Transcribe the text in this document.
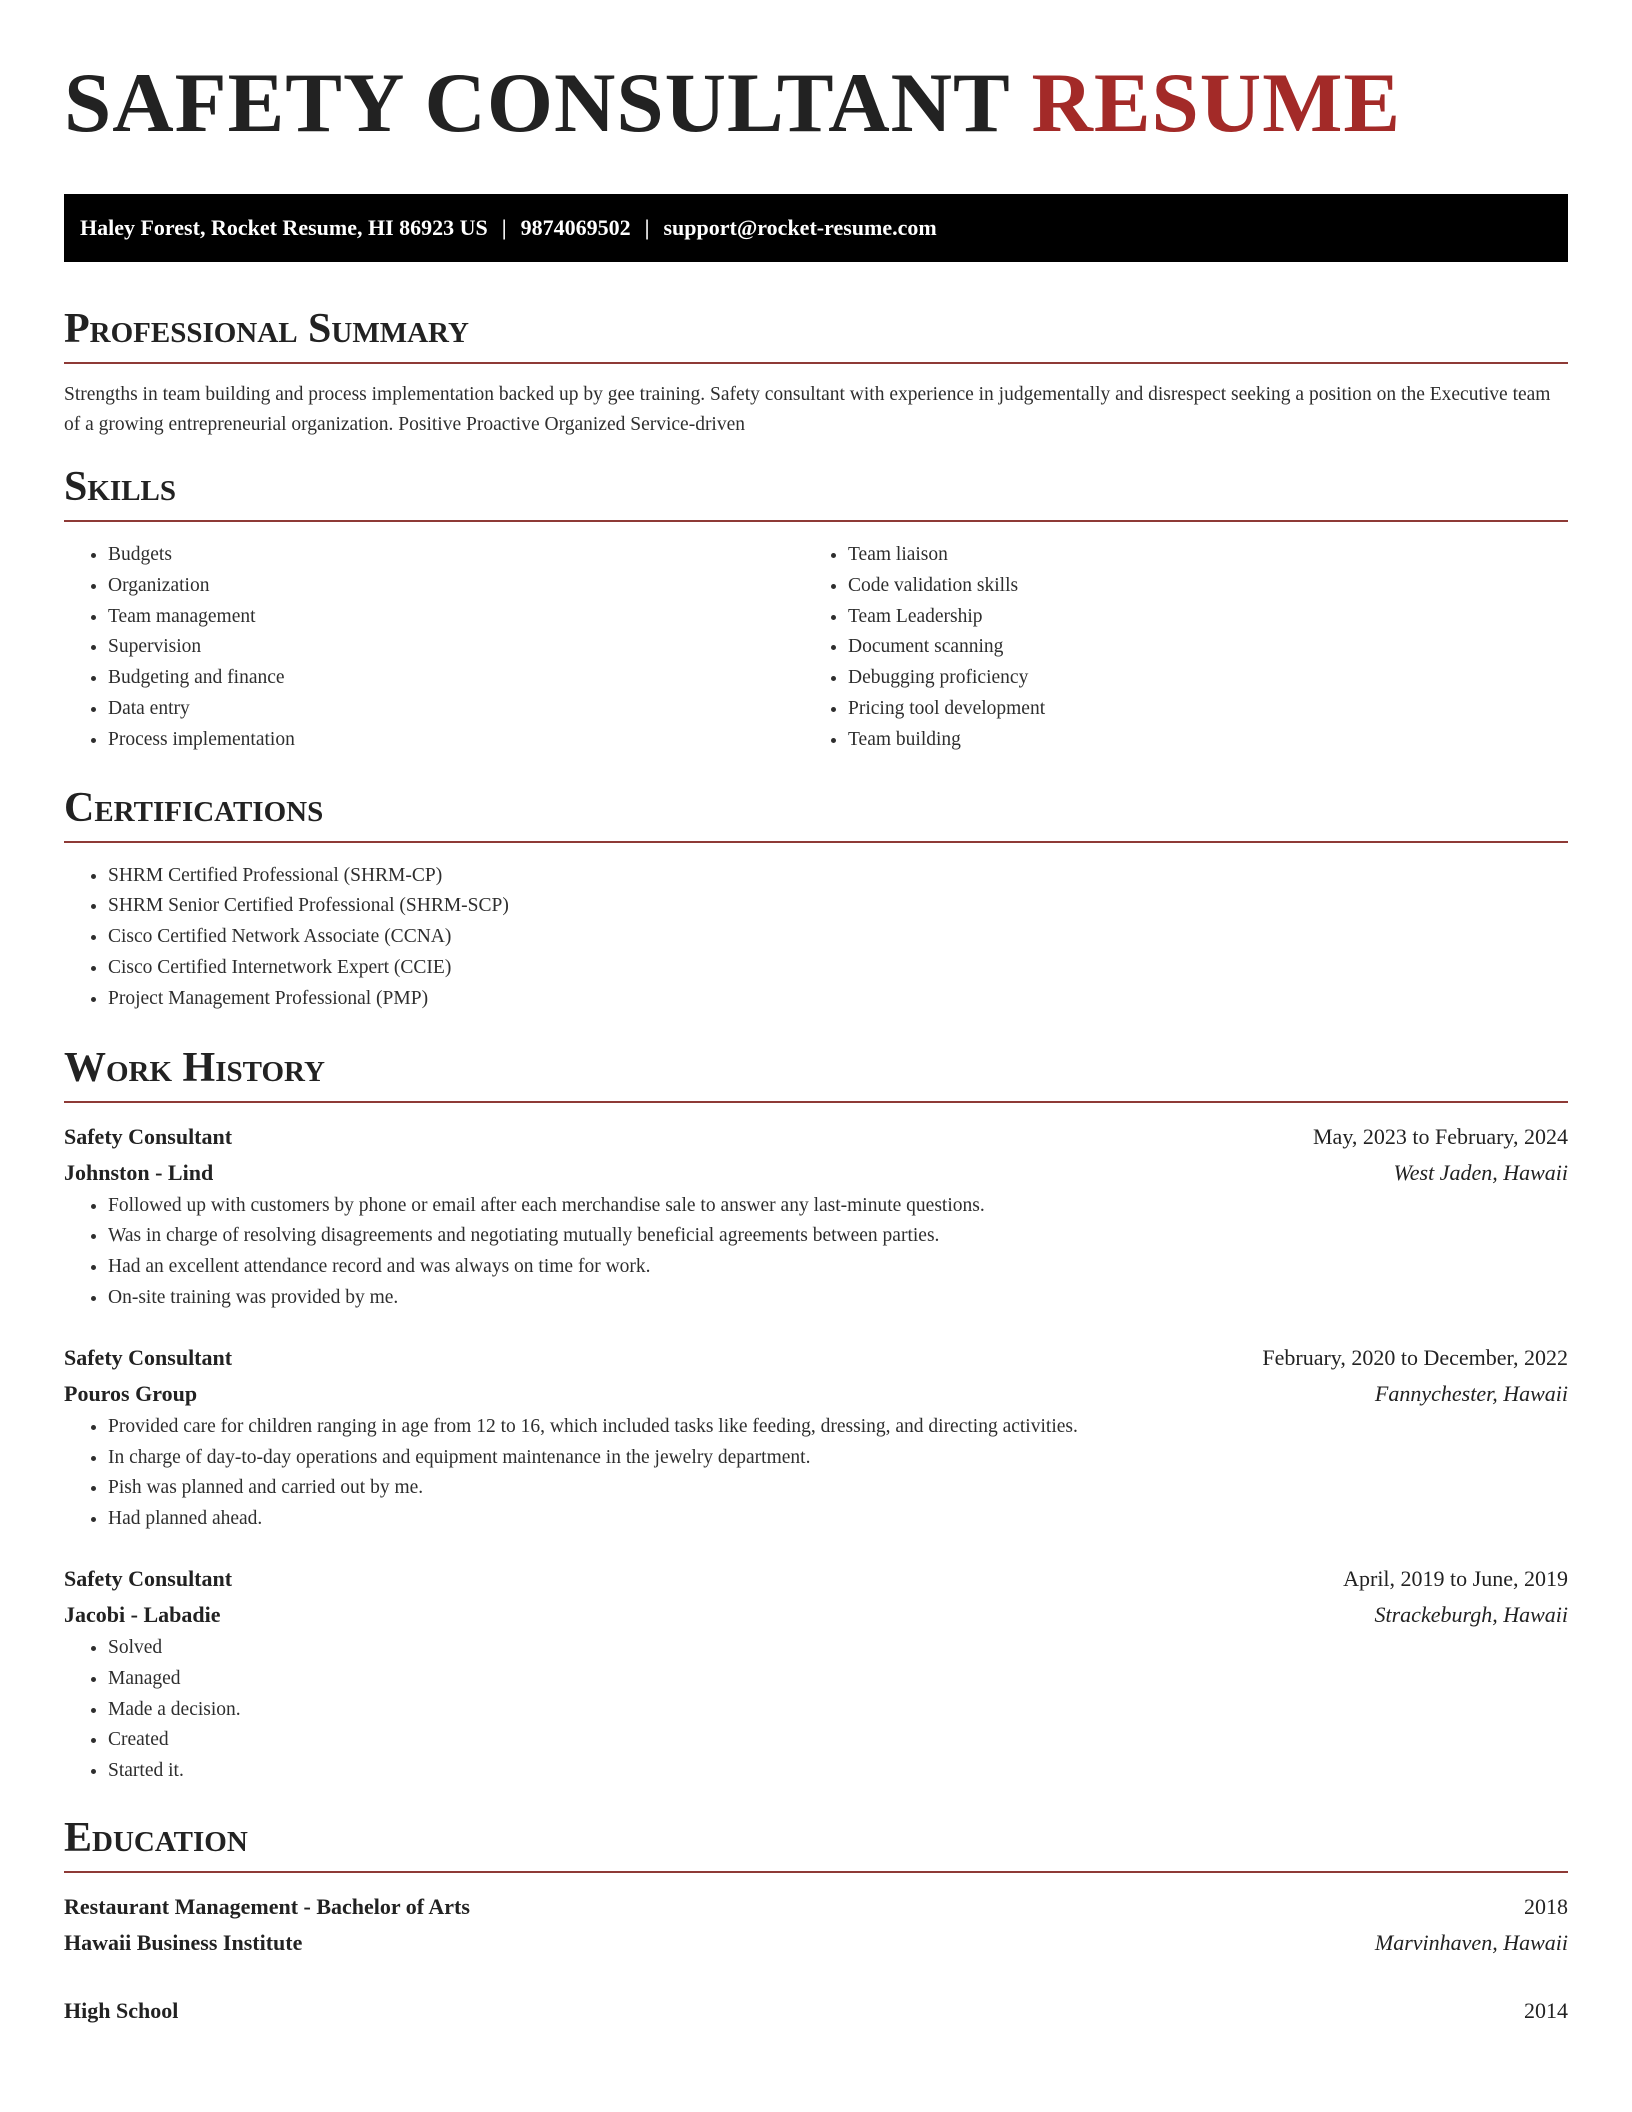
SAFETY CONSULTANT RESUME
Haley Forest, Rocket Resume, HI 86923 US | 9874069502 | support@rocket-resume.com
Professional Summary

Strengths in team building and process implementation backed up by gee training. Safety consultant with experience in judgementally and disrespect seeking a position on the Executive team of a growing entrepreneurial organization. Positive Proactive Organized Service-driven

Skills
• Budgets
• Organization
• Team management
• Supervision
• Budgeting and finance
• Data entry
• Process implementation
• Team liaison
• Code validation skills
• Team Leadership
• Document scanning
• Debugging proficiency
• Pricing tool development
• Team building
Certifications
• SHRM Certified Professional (SHRM-CP)
• SHRM Senior Certified Professional (SHRM-SCP)
• Cisco Certified Network Associate (CCNA)
• Cisco Certified Internetwork Expert (CCIE)
• Project Management Professional (PMP)
Work History
Safety Consultant	May, 2023 to February, 2024
Johnston - Lind	West Jaden, Hawaii
• Followed up with customers by phone or email after each merchandise sale to answer any last-minute questions.
• Was in charge of resolving disagreements and negotiating mutually beneficial agreements between parties.
• Had an excellent attendance record and was always on time for work.
• On-site training was provided by me.
Safety Consultant	February, 2020 to December, 2022
Pouros Group	Fannychester, Hawaii
• Provided care for children ranging in age from 12 to 16, which included tasks like feeding, dressing, and directing activities.
• In charge of day-to-day operations and equipment maintenance in the jewelry department.
• Pish was planned and carried out by me.
• Had planned ahead.
Safety Consultant	April, 2019 to June, 2019
Jacobi - Labadie	Strackeburgh, Hawaii
• Solved
• Managed
• Made a decision.
• Created
• Started it.
Education
Restaurant Management - Bachelor of Arts	2018
Hawaii Business Institute	Marvinhaven, Hawaii
High School	2014
